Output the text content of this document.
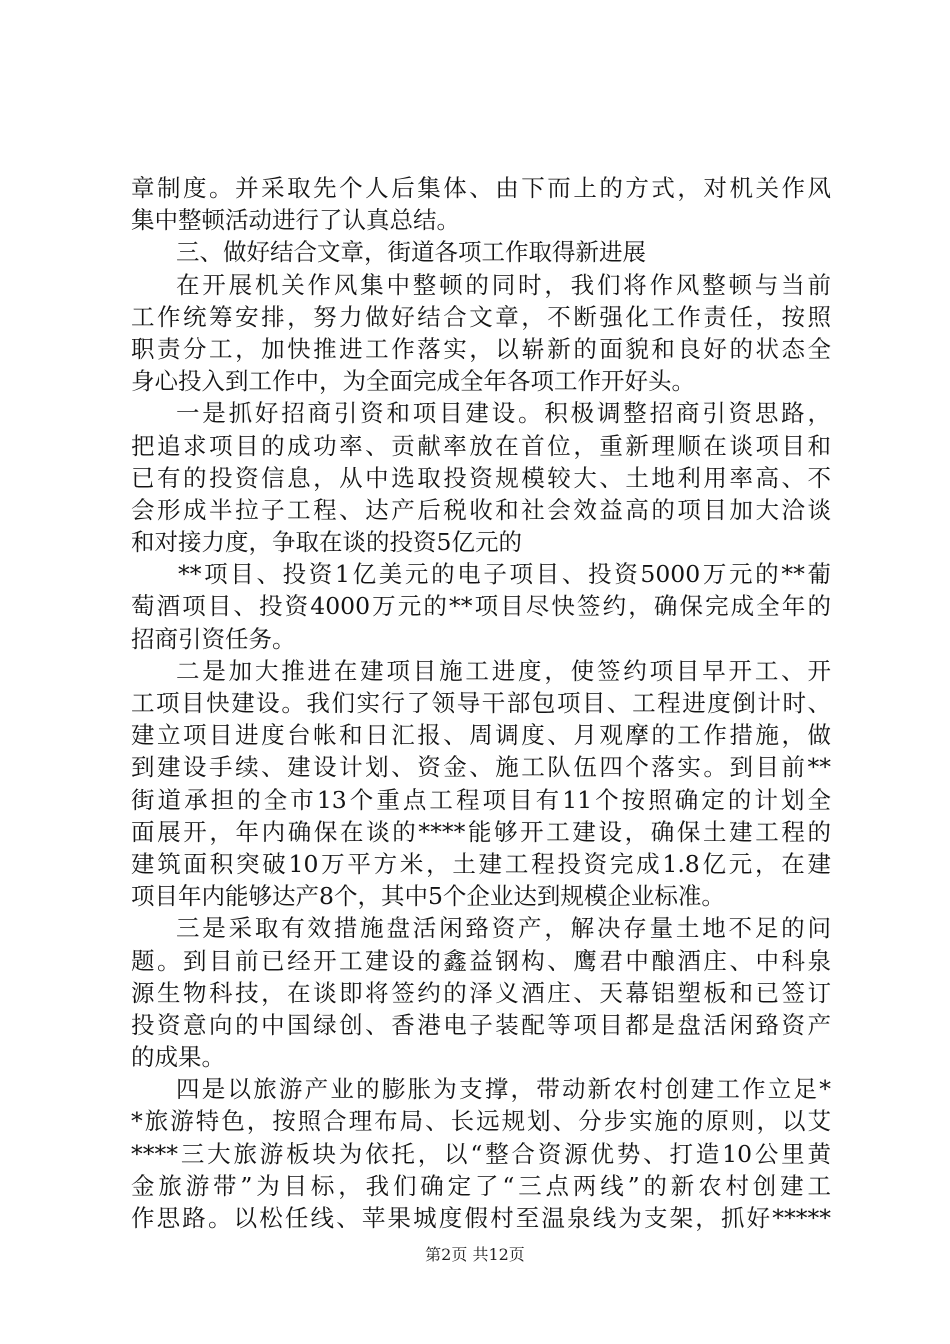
章制度。并采取先个人后集体、由下而上的方式，对机关作风
集中整顿活动进行了认真总结。
三、做好结合文章，街道各项工作取得新进展
在开展机关作风集中整顿的同时，我们将作风整顿与当前
工作统筹安排，努力做好结合文章，不断强化工作责任，按照
职责分工，加快推进工作落实，以崭新的面貌和良好的状态全
身心投入到工作中，为全面完成全年各项工作开好头。
一是抓好招商引资和项目建设。积极调整招商引资思路，
把追求项目的成功率、贡献率放在首位，重新理顺在谈项目和
已有的投资信息，从中选取投资规模较大、土地利用率高、不
会形成半拉子工程、达产后税收和社会效益高的项目加大洽谈
和对接力度，争取在谈的投资5亿元的
**项目、投资1亿美元的电子项目、投资5000万元的**葡
萄酒项目、投资4000万元的**项目尽快签约，确保完成全年的
招商引资任务。
二是加大推进在建项目施工进度，使签约项目早开工、开
工项目快建设。我们实行了领导干部包项目、工程进度倒计时、
建立项目进度台帐和日汇报、周调度、月观摩的工作措施，做
到建设手续、建设计划、资金、施工队伍四个落实。到目前**
街道承担的全市13个重点工程项目有11个按照确定的计划全
面展开，年内确保在谈的****能够开工建设，确保土建工程的
建筑面积突破10万平方米，土建工程投资完成1.8亿元，在建
项目年内能够达产8个，其中5个企业达到规模企业标准。
三是采取有效措施盘活闲臵资产，解决存量土地不足的问
题。到目前已经开工建设的鑫益钢构、鹰君中酿酒庄、中科泉
源生物科技，在谈即将签约的泽义酒庄、天幕铝塑板和已签订
投资意向的中国绿创、香港电子装配等项目都是盘活闲臵资产
的成果。
四是以旅游产业的膨胀为支撑，带动新农村创建工作立足*
*旅游特色，按照合理布局、长远规划、分步实施的原则，以艾
****三大旅游板块为依托，以“整合资源优势、打造10公里黄
金旅游带”为目标，我们确定了“三点两线”的新农村创建工
作思路。以松任线、苹果城度假村至温泉线为支架，抓好*****
第2页 共12页
